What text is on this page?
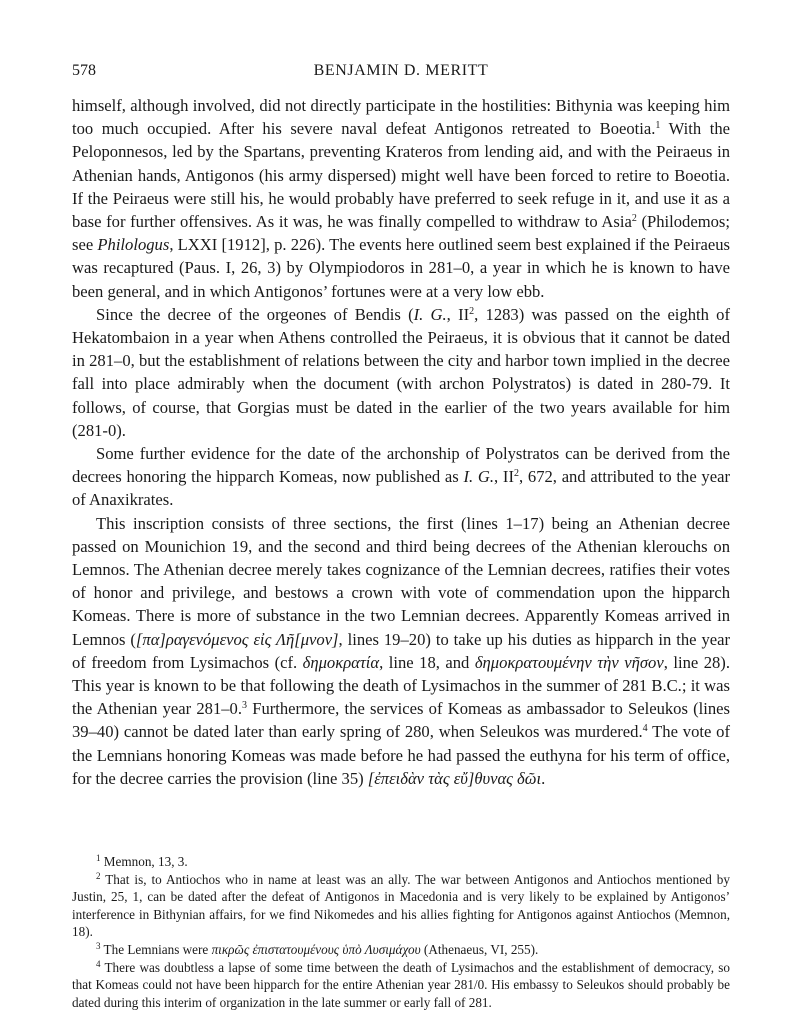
578	BENJAMIN D. MERITT

himself, although involved, did not directly participate in the hostilities: Bithynia was keeping him too much occupied. After his severe naval defeat Antigonos retreated to Boeotia.$^1$ With the Peloponnesos, led by the Spartans, preventing Krateros from lending aid, and with the Peiraeus in Athenian hands, Antigonos (his army dispersed) might well have been forced to retire to Boeotia. If the Peiraeus were still his, he would probably have preferred to seek refuge in it, and use it as a base for further offensives. As it was, he was finally compelled to withdraw to Asia$^2$ (Philodemos; see Philologus, LXXI [1912], p. 226). The events here outlined seem best explained if the Peiraeus was recaptured (Paus. I, 26, 3) by Olympiodoros in 281–0, a year in which he is known to have been general, and in which Antigonos’ fortunes were at a very low ebb.

Since the decree of the orgeones of Bendis (I. G., $II^2$, 1283) was passed on the eighth of Hekatombaion in a year when Athens controlled the Peiraeus, it is obvious that it cannot be dated in 281–0, but the establishment of relations between the city and harbor town implied in the decree fall into place admirably when the document (with archon Polystratos) is dated in 280-79. It follows, of course, that Gorgias must be dated in the earlier of the two years available for him (281-0).

Some further evidence for the date of the archonship of Polystratos can be derived from the decrees honoring the hipparch Komeas, now published as I. G., $II^2$, 672, and attributed to the year of Anaxikrates.

This inscription consists of three sections, the first (lines 1–17) being an Athenian decree passed on Mounichion 19, and the second and third being decrees of the Athenian klerouchs on Lemnos. The Athenian decree merely takes cognizance of the Lemnian decrees, ratifies their votes of honor and privilege, and bestows a crown with vote of commendation upon the hipparch Komeas. There is more of substance in the two Lemnian decrees. Apparently Komeas arrived in Lemnos ([πα]ραγενόμενος εἰς Λῆ[μνον], lines 19–20) to take up his duties as hipparch in the year of freedom from Lysimachos (cf. δημοκρατία, line 18, and δημοκρατουμένην τὴν νῆσον, line 28). This year is known to be that following the death of Lysimachos in the summer of 281 B.C.; it was the Athenian year 281–0.$^3$ Furthermore, the services of Komeas as ambassador to Seleukos (lines 39–40) cannot be dated later than early spring of 280, when Seleukos was murdered.$^4$ The vote of the Lemnians honoring Komeas was made before he had passed the euthyna for his term of office, for the decree carries the provision (line 35) [ἐπειδὰν τὰς εὔ]θυνας δῶι.

$^1$ Memnon, 13, 3.

$^2$ That is, to Antiochos who in name at least was an ally. The war between Antigonos and Antiochos mentioned by Justin, 25, 1, can be dated after the defeat of Antigonos in Macedonia and is very likely to be explained by Antigonos’ interference in Bithynian affairs, for we find Nikomedes and his allies fighting for Antigonos against Antiochos (Memnon, 18).

$^3$ The Lemnians were πικρῶς ἐπιστατουμένους ὑπὸ Λυσιμάχου (Athenaeus, VI, 255).

$^4$ There was doubtless a lapse of some time between the death of Lysimachos and the establishment of democracy, so that Komeas could not have been hipparch for the entire Athenian year 281/0. His embassy to Seleukos should probably be dated during this interim of organization in the late summer or early fall of 281.
